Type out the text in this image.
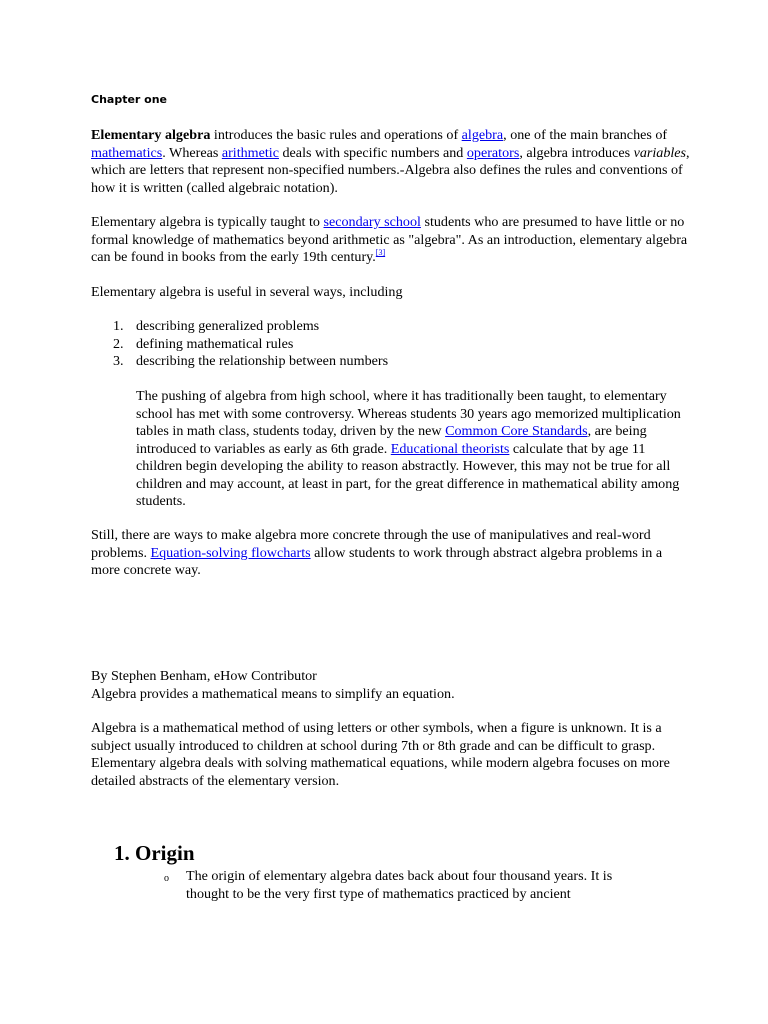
Chapter one

Elementary algebra introduces the basic rules and operations of algebra, one of the main branches of mathematics. Whereas arithmetic deals with specific numbers and operators, algebra introduces variables, which are letters that represent non-specified numbers.-Algebra also defines the rules and conventions of how it is written (called algebraic notation).

Elementary algebra is typically taught to secondary school students who are presumed to have little or no formal knowledge of mathematics beyond arithmetic as "algebra". As an introduction, elementary algebra can be found in books from the early 19th century.[3]

Elementary algebra is useful in several ways, including

1. describing generalized problems
2. defining mathematical rules
3. describing the relationship between numbers

The pushing of algebra from high school, where it has traditionally been taught, to elementary school has met with some controversy. Whereas students 30 years ago memorized multiplication tables in math class, students today, driven by the new Common Core Standards, are being introduced to variables as early as 6th grade. Educational theorists calculate that by age 11 children begin developing the ability to reason abstractly. However, this may not be true for all children and may account, at least in part, for the great difference in mathematical ability among students.

Still, there are ways to make algebra more concrete through the use of manipulatives and real-word problems. Equation-solving flowcharts allow students to work through abstract algebra problems in a more concrete way.

By Stephen Benham, eHow Contributor

Algebra provides a mathematical means to simplify an equation.

Algebra is a mathematical method of using letters or other symbols, when a figure is unknown. It is a subject usually introduced to children at school during 7th or 8th grade and can be difficult to grasp. Elementary algebra deals with solving mathematical equations, while modern algebra focuses on more detailed abstracts of the elementary version.

1. Origin
o The origin of elementary algebra dates back about four thousand years. It is thought to be the very first type of mathematics practiced by ancient
